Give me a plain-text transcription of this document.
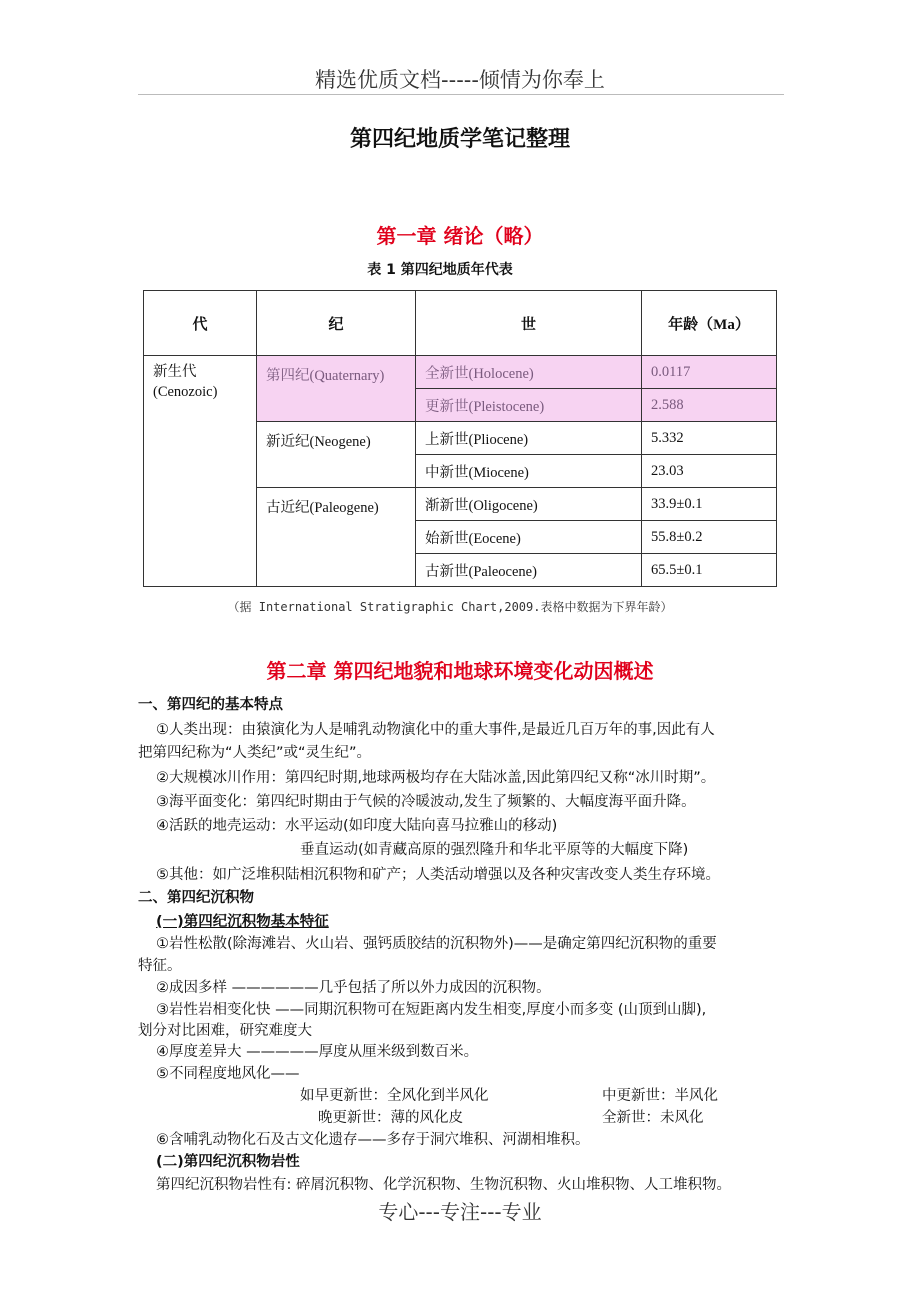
精选优质文档-----倾情为你奉上
第四纪地质学笔记整理
第一章 绪论（略）
表 1 第四纪地质年代表
代	纪	世	年龄（Ma）

新生代
(Cenozoic)	第四纪(Quaternary)	全新世(Holocene)	0.0117
		更新世(Pleistocene)	2.588
	新近纪(Neogene)	上新世(Pliocene)	5.332
		中新世(Miocene)	23.03
	古近纪(Paleogene)	渐新世(Oligocene)	33.9±0.1
		始新世(Eocene)	55.8±0.2
		古新世(Paleocene)	65.5±0.1
（据 International Stratigraphic Chart,2009.表格中数据为下界年龄）
第二章 第四纪地貌和地球环境变化动因概述
一、第四纪的基本特点
①人类出现：由猿演化为人是哺乳动物演化中的重大事件,是最近几百万年的事,因此有人
把第四纪称为“人类纪”或“灵生纪”。
②大规模冰川作用：第四纪时期,地球两极均存在大陆冰盖,因此第四纪又称“冰川时期”。
③海平面变化：第四纪时期由于气候的冷暖波动,发生了频繁的、大幅度海平面升降。
④活跃的地壳运动：水平运动(如印度大陆向喜马拉雅山的移动)
垂直运动(如青藏高原的强烈隆升和华北平原等的大幅度下降)
⑤其他：如广泛堆积陆相沉积物和矿产；人类活动增强以及各种灾害改变人类生存环境。
二、第四纪沉积物
(一)第四纪沉积物基本特征
①岩性松散(除海滩岩、火山岩、强钙质胶结的沉积物外)——是确定第四纪沉积物的重要
特征。
②成因多样 ——————几乎包括了所以外力成因的沉积物。
③岩性岩相变化快 ——同期沉积物可在短距离内发生相变,厚度小而多变 (山顶到山脚),
划分对比困难，研究难度大
④厚度差异大 —————厚度从厘米级到数百米。
⑤不同程度地风化——
如早更新世：全风化到半风化	中更新世：半风化
晚更新世：薄的风化皮	全新世：未风化
⑥含哺乳动物化石及古文化遗存——多存于洞穴堆积、河湖相堆积。
(二)第四纪沉积物岩性
第四纪沉积物岩性有: 碎屑沉积物、化学沉积物、生物沉积物、火山堆积物、人工堆积物。
专心---专注---专业
